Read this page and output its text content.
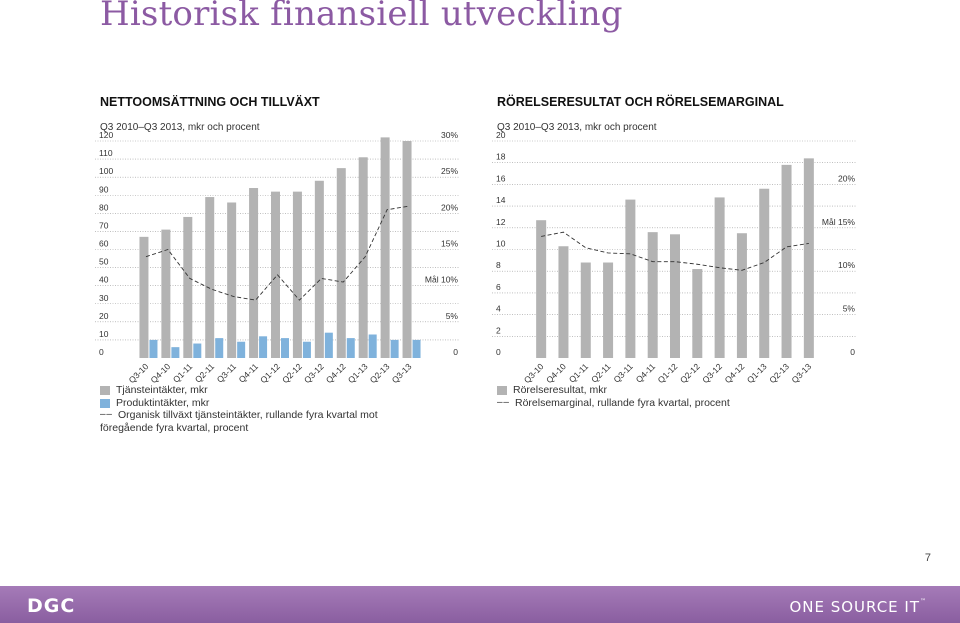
Historisk finansiell utveckling
NETTOOMSÄTTNING OCH TILLVÄXT
Q3 2010–Q3 2013, mkr och procent
0
10
20
30
40
50
60
70
80
90
100
110
120
0
5%
Mål 10%
15%
20%
25%
30%
Q3-10
Q4-10
Q1-11
Q2-11
Q3-11
Q4-11
Q1-12
Q2-12
Q3-12
Q4-12
Q1-13
Q2-13
Q3-13
Tjänsteintäkter, mkr
Produktintäkter, mkr
– – Organisk tillväxt tjänsteintäkter, rullande fyra kvartal mot
föregående fyra kvartal, procent
RÖRELSERESULTAT OCH RÖRELSEMARGINAL
Q3 2010–Q3 2013, mkr och procent
0
2
4
6
8
10
12
14
16
18
20
0
5%
10%
Mål 15%
20%
Q3-10
Q4-10
Q1-11
Q2-11
Q3-11
Q4-11
Q1-12
Q2-12
Q3-12
Q4-12
Q1-13
Q2-13
Q3-13
Rörelseresultat, mkr
– – Rörelsemarginal, rullande fyra kvartal, procent
7
DGC	ONE SOURCE IT™
